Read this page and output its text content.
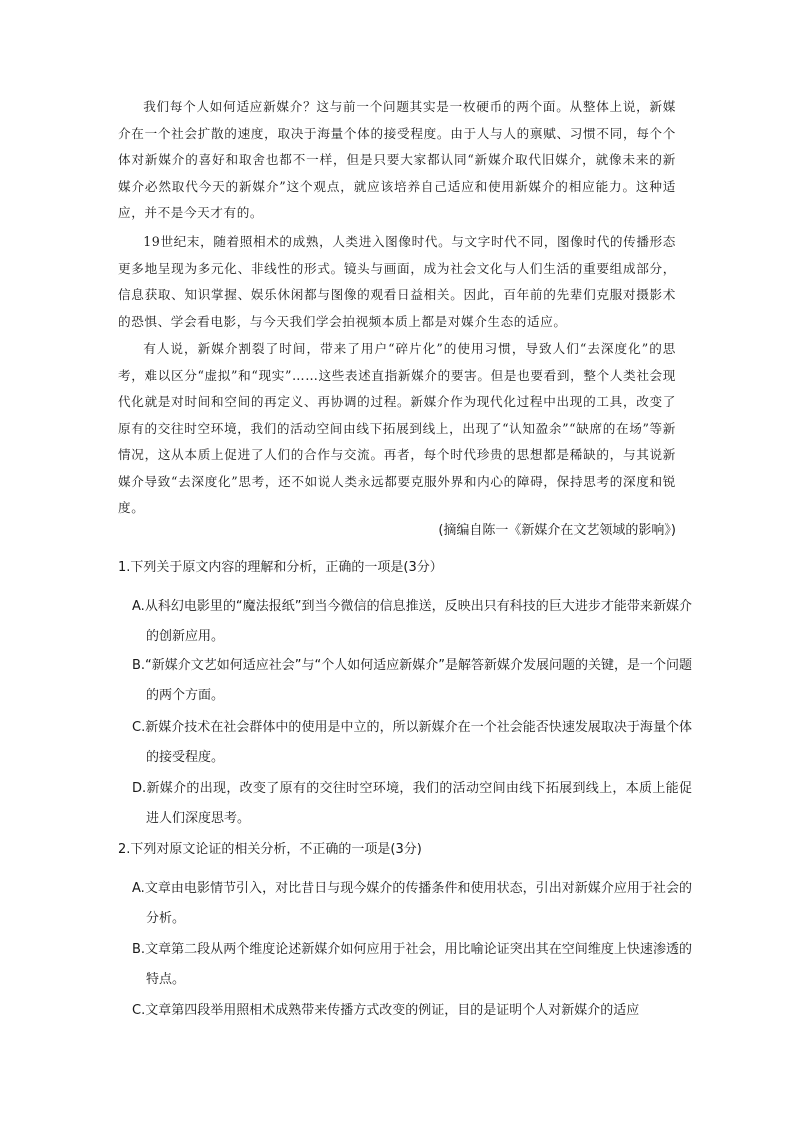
我们每个人如何适应新媒介？这与前一个问题其实是一枚硬币的两个面。从整体上说，新媒介在一个社会扩散的速度，取决于海量个体的接受程度。由于人与人的禀赋、习惯不同，每个个体对新媒介的喜好和取舍也都不一样，但是只要大家都认同“新媒介取代旧媒介，就像未来的新媒介必然取代今天的新媒介”这个观点，就应该培养自己适应和使用新媒介的相应能力。这种适应，并不是今天才有的。

19世纪末，随着照相术的成熟，人类进入图像时代。与文字时代不同，图像时代的传播形态更多地呈现为多元化、非线性的形式。镜头与画面，成为社会文化与人们生活的重要组成部分，信息获取、知识掌握、娱乐休闲都与图像的观看日益相关。因此，百年前的先辈们克服对摄影术的恐惧、学会看电影，与今天我们学会拍视频本质上都是对媒介生态的适应。

有人说，新媒介割裂了时间，带来了用户“碎片化”的使用习惯，导致人们“去深度化”的思考，难以区分“虚拟”和“现实”……这些表述直指新媒介的要害。但是也要看到，整个人类社会现代化就是对时间和空间的再定义、再协调的过程。新媒介作为现代化过程中出现的工具，改变了原有的交往时空环境，我们的活动空间由线下拓展到线上，出现了“认知盈余”“缺席的在场”等新情况，这从本质上促进了人们的合作与交流。再者，每个时代珍贵的思想都是稀缺的，与其说新媒介导致“去深度化”思考，还不如说人类永远都要克服外界和内心的障碍，保持思考的深度和锐度。

(摘编自陈一《新媒介在文艺领域的影响》)

1.下列关于原文内容的理解和分析，正确的一项是(3分）

A.从科幻电影里的“魔法报纸”到当今微信的信息推送，反映出只有科技的巨大进步才能带来新媒介的创新应用。

B.“新媒介文艺如何适应社会”与“个人如何适应新媒介”是解答新媒介发展问题的关键，是一个问题的两个方面。

C.新媒介技术在社会群体中的使用是中立的，所以新媒介在一个社会能否快速发展取决于海量个体的接受程度。

D.新媒介的出现，改变了原有的交往时空环境，我们的活动空间由线下拓展到线上，本质上能促进人们深度思考。

2.下列对原文论证的相关分析，不正确的一项是(3分)

A.文章由电影情节引入，对比昔日与现今媒介的传播条件和使用状态，引出对新媒介应用于社会的分析。

B.文章第二段从两个维度论述新媒介如何应用于社会，用比喻论证突出其在空间维度上快速渗透的特点。

C.文章第四段举用照相术成熟带来传播方式改变的例证，目的是证明个人对新媒介的适应
